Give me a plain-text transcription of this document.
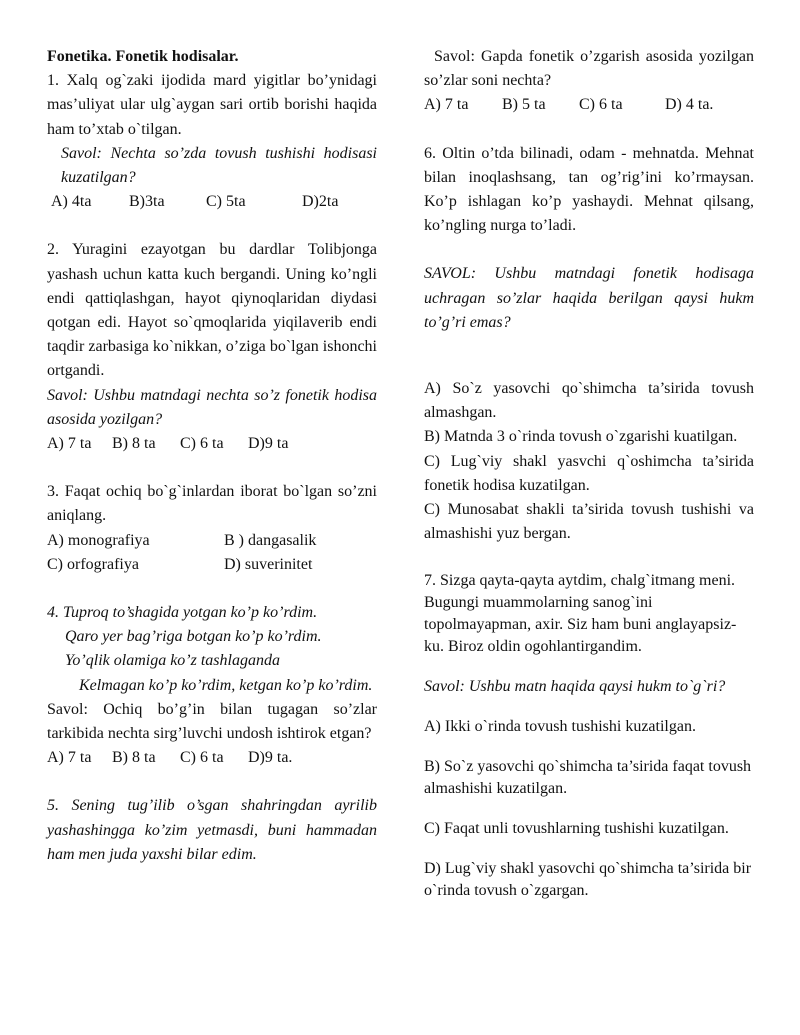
Fonetika. Fonetik hodisalar.

1. Xalq og`zaki ijodida mard yigitlar bo’ynidagi mas’uliyat ular ulg`aygan sari ortib borishi haqida ham to’xtab o`tilgan.

Savol: Nechta so’zda tovush tushishi hodisasi kuzatilgan?

A) 4ta	B)3ta	C) 5ta	D)2ta

2. Yuragini ezayotgan bu dardlar Tolibjonga yashash uchun katta kuch bergandi. Uning ko’ngli endi qattiqlashgan, hayot qiynoqlaridan diydasi qotgan edi. Hayot so`qmoqlarida yiqilaverib endi taqdir zarbasiga ko`nikkan, o’ziga bo`lgan ishonchi ortgandi.

Savol: Ushbu matndagi nechta so’z fonetik hodisa asosida yozilgan?

A) 7 ta	B) 8 ta	C) 6 ta	D)9 ta

3. Faqat ochiq bo`g`inlardan iborat bo`lgan so’zni aniqlang.

A) monografiya	B ) dangasalik
C) orfografiya	D) suverinitet

4. Tuproq to’shagida yotgan ko’p ko’rdim.

Qaro yer bag’riga botgan ko’p ko’rdim.

Yo’qlik olamiga ko’z tashlaganda

Kelmagan ko’p ko’rdim, ketgan ko’p ko’rdim.

Savol: Ochiq bo’g’in bilan tugagan so’zlar tarkibida nechta sirg’luvchi undosh ishtirok etgan?

A) 7 ta	B) 8 ta	C) 6 ta	D)9 ta.

5. Sening tug’ilib o’sgan shahringdan ayrilib yashashingga ko’zim yetmasdi, buni hammadan ham men juda yaxshi bilar edim.

Savol: Gapda fonetik o’zgarish asosida yozilgan so’zlar soni nechta?

A) 7 ta	B) 5 ta	C) 6 ta	D) 4 ta.

6. Oltin o’tda bilinadi, odam - mehnatda. Mehnat bilan inoqlashsang, tan og’rig’ini ko’rmaysan. Ko’p ishlagan ko’p yashaydi. Mehnat qilsang, ko’ngling nurga to’ladi.

SAVOL: Ushbu matndagi fonetik hodisaga uchragan so’zlar haqida berilgan qaysi hukm to’g’ri emas?

A) So`z yasovchi qo`shimcha ta’sirida tovush almashgan.

B) Matnda 3 o`rinda tovush o`zgarishi kuatilgan.

C) Lug`viy shakl yasvchi q`oshimcha ta’sirida fonetik hodisa kuzatilgan.

C) Munosabat shakli ta’sirida tovush tushishi va almashishi yuz bergan.

7. Sizga qayta-qayta aytdim, chalg`itmang meni. Bugungi muammolarning sanog`ini topolmayapman, axir. Siz ham buni anglayapsiz-ku. Biroz oldin ogohlantirgandim.

Savol: Ushbu matn haqida qaysi hukm to`g`ri?

A) Ikki o`rinda tovush tushishi kuzatilgan.

B) So`z yasovchi qo`shimcha ta’sirida faqat tovush almashishi kuzatilgan.

C) Faqat unli tovushlarning tushishi kuzatilgan.

D) Lug`viy shakl yasovchi qo`shimcha ta’sirida bir o`rinda tovush o`zgargan.
